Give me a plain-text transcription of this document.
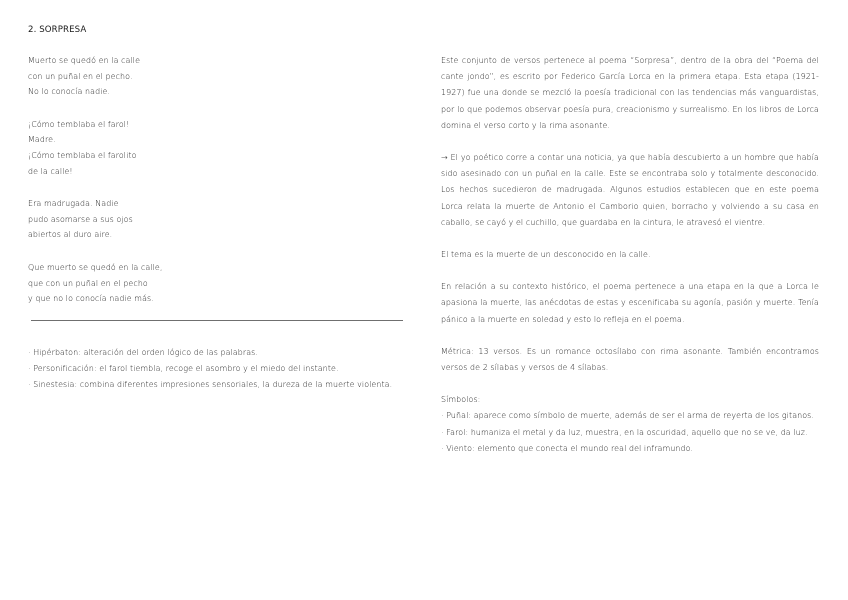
2. SORPRESA
Muerto se quedó en la calle
con un puñal en el pecho.
No lo conocía nadie.
¡Cómo temblaba el farol!
Madre.
¡Cómo temblaba el farolito
de la calle!
Era madrugada. Nadie
pudo asomarse a sus ojos
abiertos al duro aire.
Que muerto se quedó en la calle,
que con un puñal en el pecho
y que no lo conocía nadie más.
· Hipérbaton: alteración del orden lógico de las palabras.
· Personificación: el farol tiembla, recoge el asombro y el miedo del instante.
· Sinestesia: combina diferentes impresiones sensoriales, la dureza de la muerte violenta.
Este conjunto de versos pertenece al poema “Sorpresa”, dentro de la obra del “Poema del cante jondo”, es escrito por Federico García Lorca en la primera etapa. Esta etapa (1921-1927) fue una donde se mezcló la poesía tradicional con las tendencias más vanguardistas, por lo que podemos observar poesía pura, creacionismo y surrealismo. En los libros de Lorca domina el verso corto y la rima asonante.
→ El yo poético corre a contar una noticia, ya que había descubierto a un hombre que había sido asesinado con un puñal en la calle. Este se encontraba solo y totalmente desconocido. Los hechos sucedieron de madrugada. Algunos estudios establecen que en este poema Lorca relata la muerte de Antonio el Camborio quien, borracho y volviendo a su casa en caballo, se cayó y el cuchillo, que guardaba en la cintura, le atravesó el vientre.
El tema es la muerte de un desconocido en la calle.
En relación a su contexto histórico, el poema pertenece a una etapa en la que a Lorca le apasiona la muerte, las anécdotas de estas y escenificaba su agonía, pasión y muerte. Tenía pánico a la muerte en soledad y esto lo refleja en el poema.
Métrica: 13 versos. Es un romance octosílabo con rima asonante. También encontramos versos de 2 sílabas y versos de 4 sílabas.
Símbolos:
· Puñal: aparece como símbolo de muerte, además de ser el arma de reyerta de los gitanos.
· Farol: humaniza el metal y da luz, muestra, en la oscuridad, aquello que no se ve, da luz.
· Viento: elemento que conecta el mundo real del inframundo.
